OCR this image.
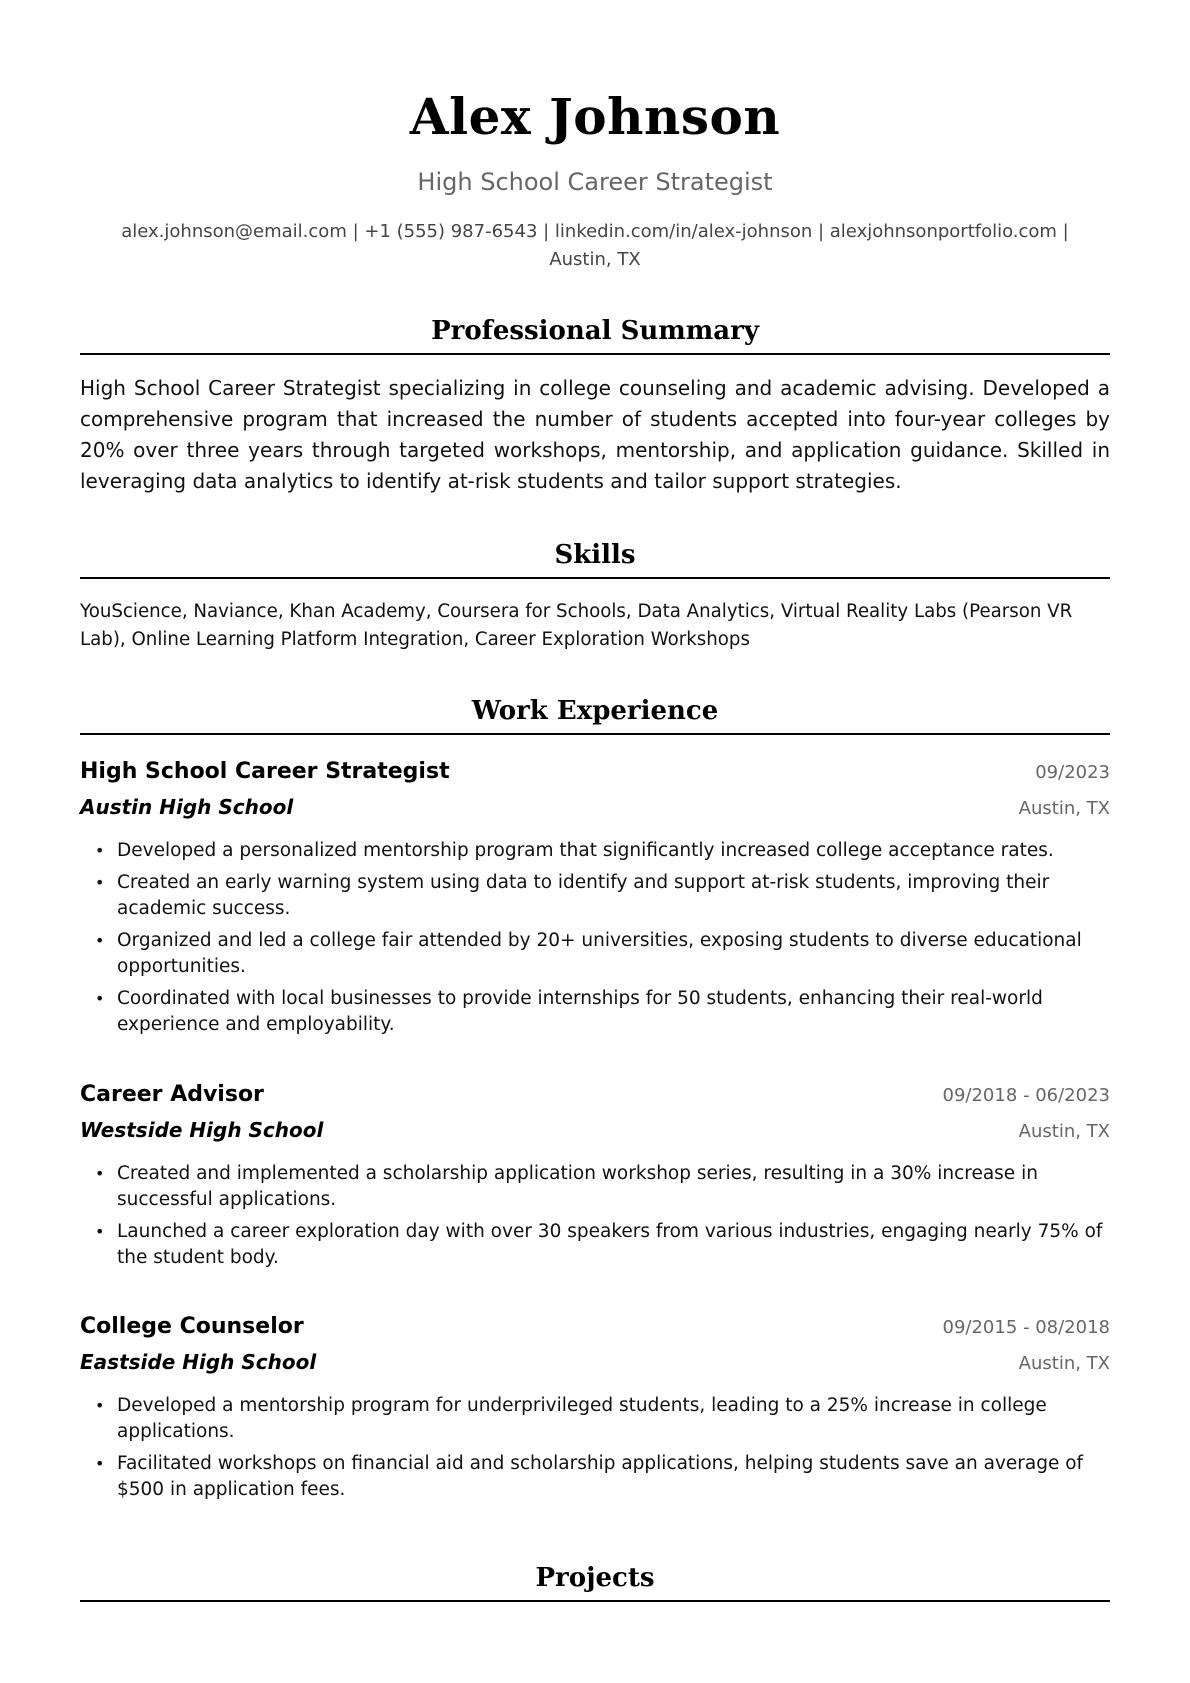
Alex Johnson
High School Career Strategist
alex.johnson@email.com | +1 (555) 987-6543 | linkedin.com/in/alex-johnson | alexjohnsonportfolio.com |
Austin, TX
Professional Summary
High School Career Strategist specializing in college counseling and academic advising. Developed a comprehensive program that increased the number of students accepted into four-year colleges by 20% over three years through targeted workshops, mentorship, and application guidance. Skilled in leveraging data analytics to identify at-risk students and tailor support strategies.
Skills
YouScience, Naviance, Khan Academy, Coursera for Schools, Data Analytics, Virtual Reality Labs (Pearson VR Lab), Online Learning Platform Integration, Career Exploration Workshops
Work Experience
High School Career Strategist	09/2023
Austin High School	Austin, TX
• Developed a personalized mentorship program that significantly increased college acceptance rates.
• Created an early warning system using data to identify and support at-risk students, improving their academic success.
• Organized and led a college fair attended by 20+ universities, exposing students to diverse educational opportunities.
• Coordinated with local businesses to provide internships for 50 students, enhancing their real-world experience and employability.
Career Advisor	09/2018 - 06/2023
Westside High School	Austin, TX
• Created and implemented a scholarship application workshop series, resulting in a 30% increase in successful applications.
• Launched a career exploration day with over 30 speakers from various industries, engaging nearly 75% of the student body.
College Counselor	09/2015 - 08/2018
Eastside High School	Austin, TX
• Developed a mentorship program for underprivileged students, leading to a 25% increase in college applications.
• Facilitated workshops on financial aid and scholarship applications, helping students save an average of $500 in application fees.
Projects
